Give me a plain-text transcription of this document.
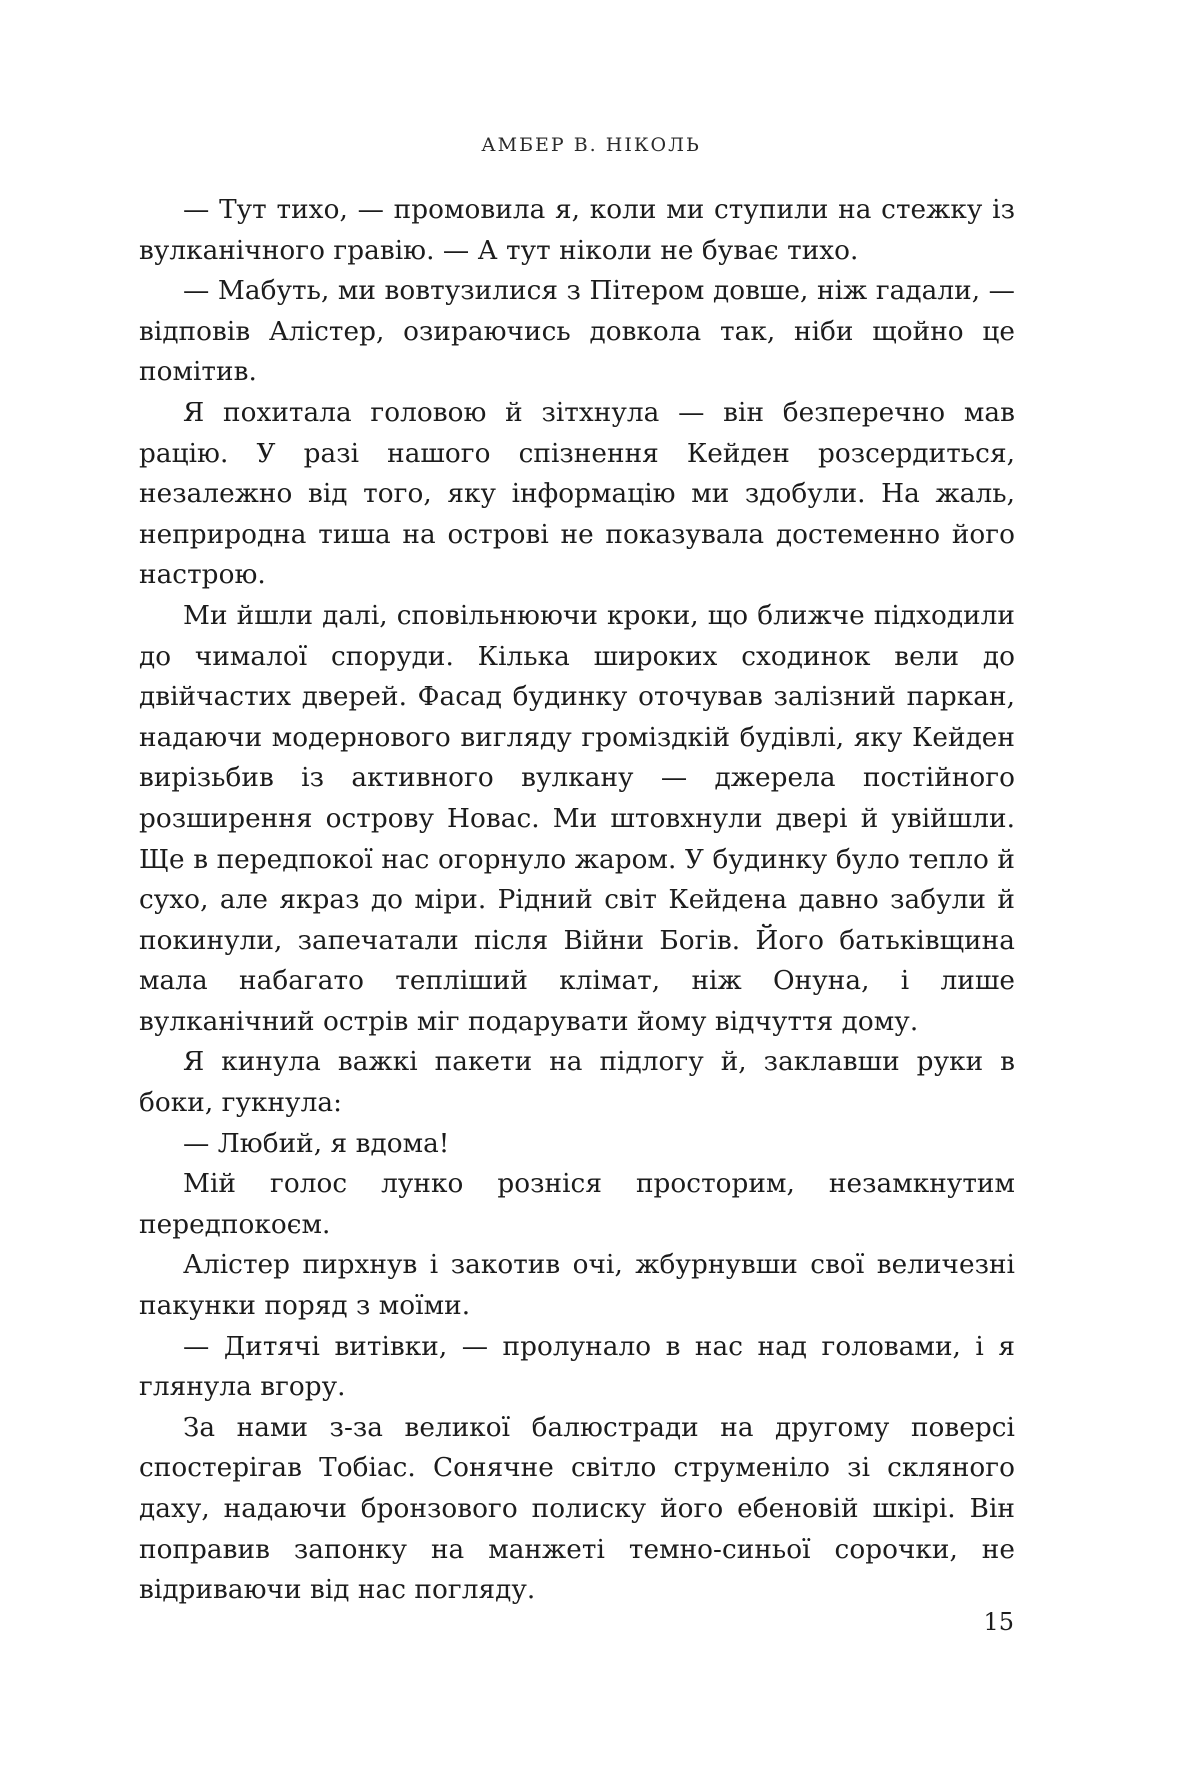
АМБЕР В. НІКОЛЬ

— Тут тихо, — промовила я, коли ми ступили на стежку із вулканічного гравію. — А тут ніколи не буває тихо.

— Мабуть, ми вовтузилися з Пітером довше, ніж гадали, — відповів Алістер, озираючись довкола так, ніби щойно це помітив.

Я похитала головою й зітхнула — він безперечно мав рацію. У разі нашого спізнення Кейден розсердиться, незалежно від того, яку інформацію ми здобули. На жаль, неприродна тиша на острові не показувала достеменно його настрою.

Ми йшли далі, сповільнюючи кроки, що ближче підходили до чималої споруди. Кілька широких сходинок вели до двійчастих дверей. Фасад будинку оточував залізний паркан, надаючи модернового вигляду громіздкій будівлі, яку Кейден вирізьбив із активного вулкану — джерела постійного розширення острову Новас. Ми штовхнули двері й увійшли. Ще в передпокої нас огорнуло жаром. У будинку було тепло й сухо, але якраз до міри. Рідний світ Кейдена давно забули й покинули, запечатали після Війни Богів. Його батьківщина мала набагато тепліший клімат, ніж Онуна, і лише вулканічний острів міг подарувати йому відчуття дому.

Я кинула важкі пакети на підлогу й, заклавши руки в боки, гукнула:

— Любий, я вдома!

Мій голос лунко розніся просторим, незамкнутим передпокоєм.

Алістер пирхнув і закотив очі, жбурнувши свої величезні пакунки поряд з моїми.

— Дитячі витівки, — пролунало в нас над головами, і я глянула вгору.

За нами з-за великої балюстради на другому поверсі спостерігав Тобіас. Сонячне світло струменіло зі скляного даху, надаючи бронзового полиску його ебеновій шкірі. Він поправив запонку на манжеті темно-синьої сорочки, не відриваючи від нас погляду.

15
